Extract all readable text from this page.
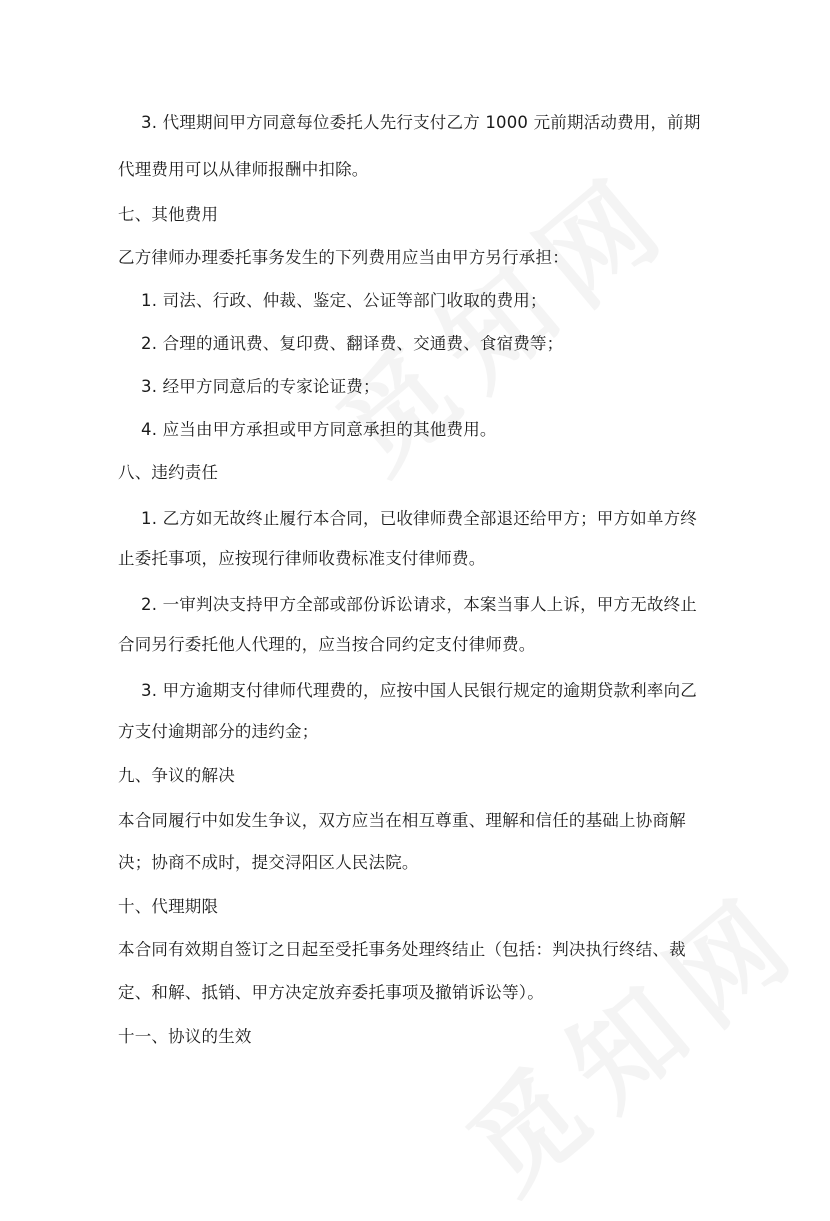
3. 代理期间甲方同意每位委托人先行支付乙方 1000 元前期活动费用，前期
代理费用可以从律师报酬中扣除。
七、其他费用
乙方律师办理委托事务发生的下列费用应当由甲方另行承担：
1. 司法、行政、仲裁、鉴定、公证等部门收取的费用；
2. 合理的通讯费、复印费、翻译费、交通费、食宿费等；
3. 经甲方同意后的专家论证费；
4. 应当由甲方承担或甲方同意承担的其他费用。
八、违约责任
1. 乙方如无故终止履行本合同，已收律师费全部退还给甲方；甲方如单方终
止委托事项，应按现行律师收费标准支付律师费。
2. 一审判决支持甲方全部或部份诉讼请求，本案当事人上诉，甲方无故终止
合同另行委托他人代理的，应当按合同约定支付律师费。
3. 甲方逾期支付律师代理费的，应按中国人民银行规定的逾期贷款利率向乙
方支付逾期部分的违约金；
九、争议的解决
本合同履行中如发生争议，双方应当在相互尊重、理解和信任的基础上协商解
决；协商不成时，提交浔阳区人民法院。
十、代理期限
本合同有效期自签订之日起至受托事务处理终结止（包括：判决执行终结、裁
定、和解、抵销、甲方决定放弃委托事项及撤销诉讼等）。
十一、协议的生效
